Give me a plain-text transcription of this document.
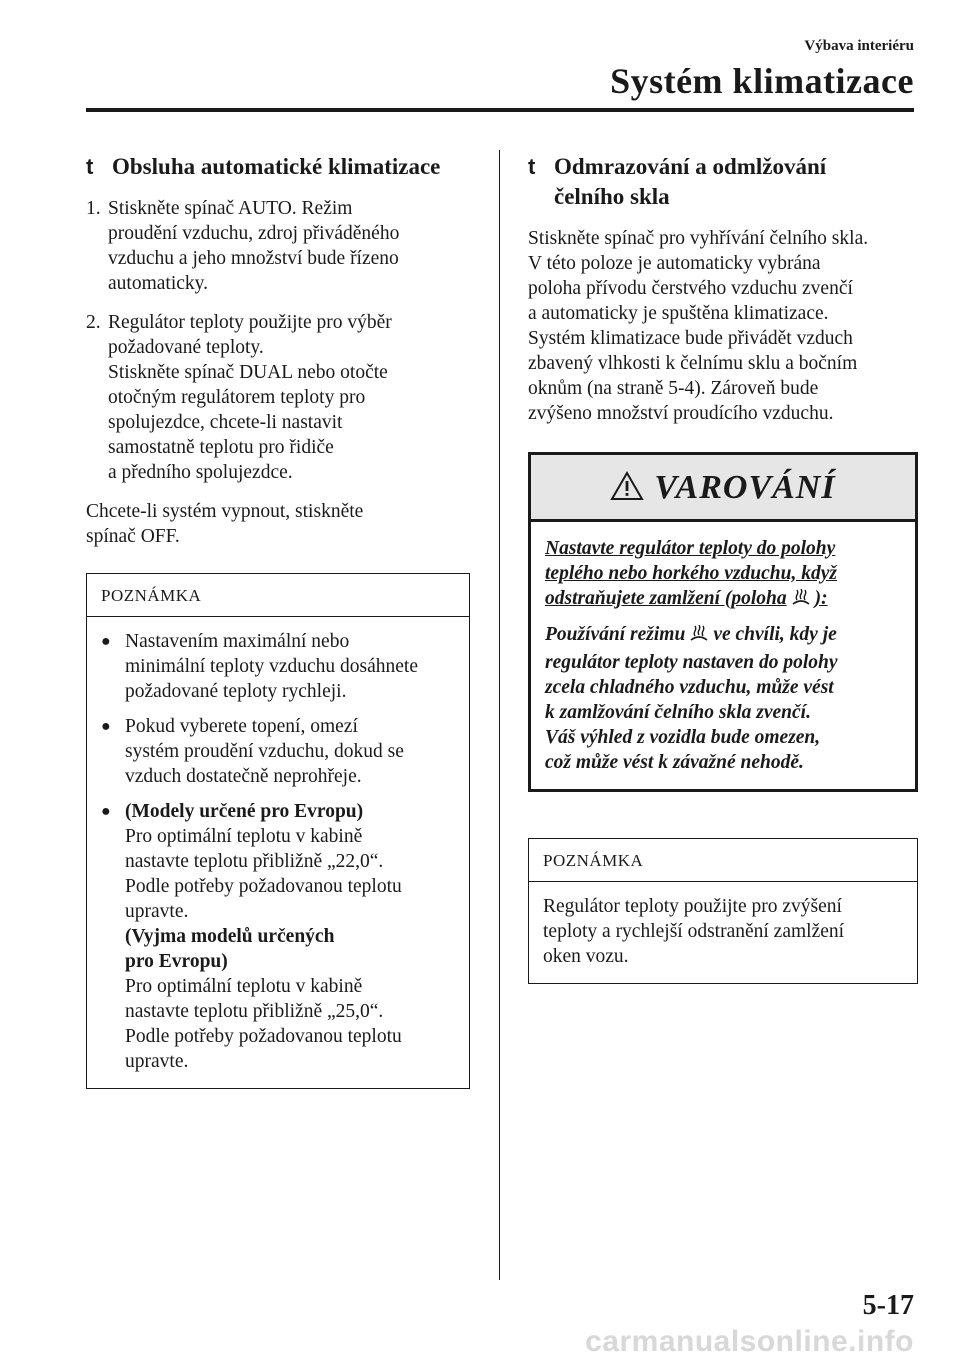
Výbava interiéru
Systém klimatizace
t Obsluha automatické klimatizace
1. Stiskněte spínač AUTO. Režim
proudění vzduchu, zdroj přiváděného
vzduchu a jeho množství bude řízeno
automaticky.
2. Regulátor teploty použijte pro výběr
požadované teploty.
Stiskněte spínač DUAL nebo otočte
otočným regulátorem teploty pro
spolujezdce, chcete-li nastavit
samostatně teplotu pro řidiče
a předního spolujezdce.
Chcete-li systém vypnout, stiskněte
spínač OFF.
POZNÁMKA
● Nastavením maximální nebo
minimální teploty vzduchu dosáhnete
požadované teploty rychleji.
● Pokud vyberete topení, omezí
systém proudění vzduchu, dokud se
vzduch dostatečně neprohřeje.
● (Modely určené pro Evropu)
Pro optimální teplotu v kabině
nastavte teplotu přibližně „22,0“.
Podle potřeby požadovanou teplotu
upravte.
(Vyjma modelů určených
pro Evropu)
Pro optimální teplotu v kabině
nastavte teplotu přibližně „25,0“.
Podle potřeby požadovanou teplotu
upravte.
t Odmrazování a odmlžování
čelního skla
Stiskněte spínač pro vyhřívání čelního skla.
V této poloze je automaticky vybrána
poloha přívodu čerstvého vzduchu zvenčí
a automaticky je spuštěna klimatizace.
Systém klimatizace bude přivádět vzduch
zbavený vlhkosti k čelnímu sklu a bočním
oknům (na straně 5-4). Zároveň bude
zvýšeno množství proudícího vzduchu.
VAROVÁNÍ
Nastavte regulátor teploty do polohy
teplého nebo horkého vzduchu, když
odstraňujete zamlžení (poloha ):
Používání režimu ve chvíli, kdy je
regulátor teploty nastaven do polohy
zcela chladného vzduchu, může vést
k zamlžování čelního skla zvenčí.
Váš výhled z vozidla bude omezen,
což může vést k závažné nehodě.
POZNÁMKA
Regulátor teploty použijte pro zvýšení
teploty a rychlejší odstranění zamlžení
oken vozu.
5-17
carmanualsonline.info
